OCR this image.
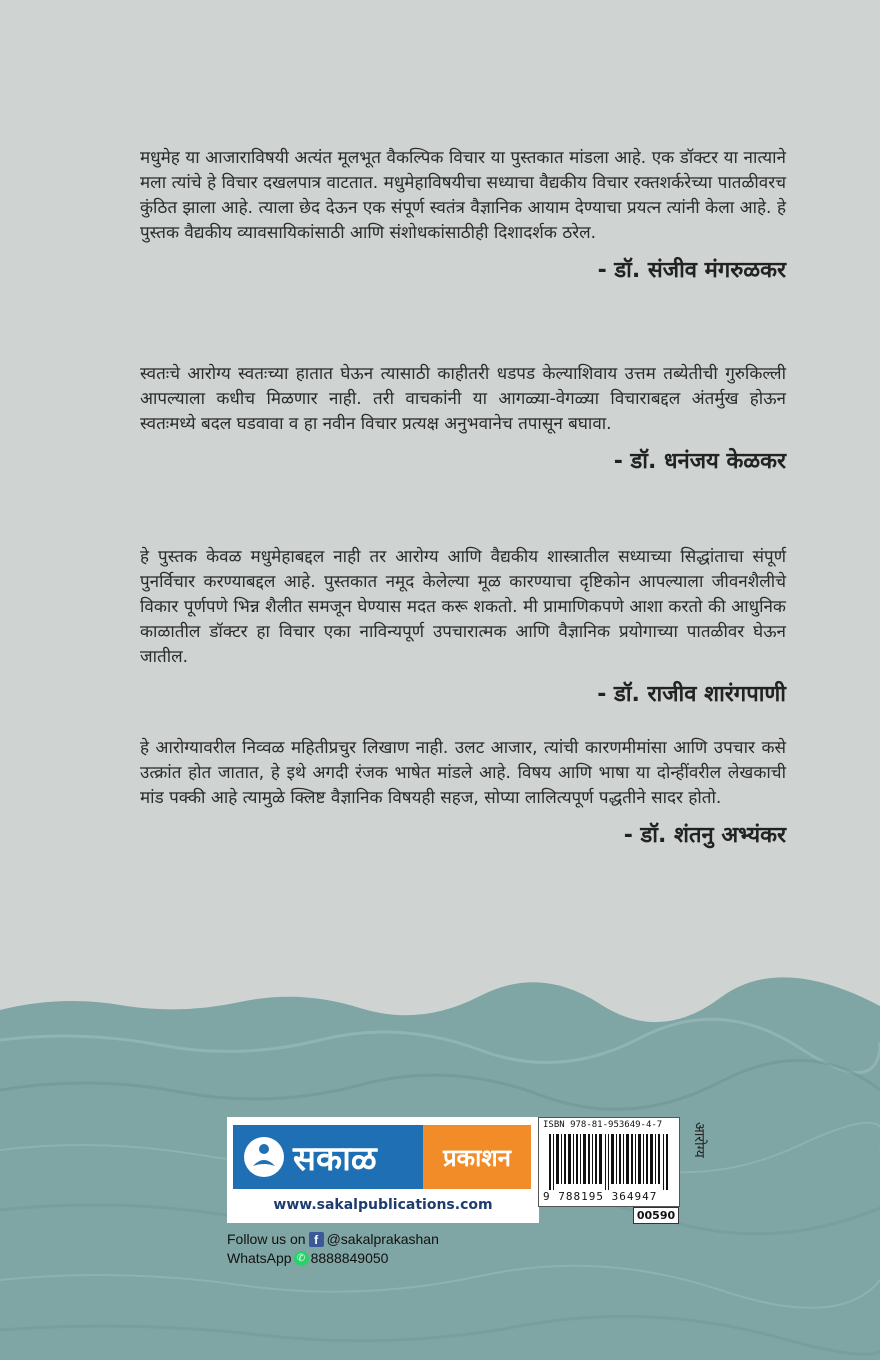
मधुमेह या आजाराविषयी अत्यंत मूलभूत वैकल्पिक विचार या पुस्तकात मांडला आहे. एक डॉक्टर या नात्याने मला त्यांचे हे विचार दखलपात्र वाटतात. मधुमेहाविषयीचा सध्याचा वैद्यकीय विचार रक्तशर्करेच्या पातळीवरच कुंठित झाला आहे. त्याला छेद देऊन एक संपूर्ण स्वतंत्र वैज्ञानिक आयाम देण्याचा प्रयत्न त्यांनी केला आहे. हे पुस्तक वैद्यकीय व्यावसायिकांसाठी आणि संशोधकांसाठीही दिशादर्शक ठरेल.

- डॉ. संजीव मंगरुळकर

स्वतःचे आरोग्य स्वतःच्या हातात घेऊन त्यासाठी काहीतरी धडपड केल्याशिवाय उत्तम तब्येतीची गुरुकिल्ली आपल्याला कधीच मिळणार नाही. तरी वाचकांनी या आगळ्या-वेगळ्या विचाराबद्दल अंतर्मुख होऊन स्वतःमध्ये बदल घडवावा व हा नवीन विचार प्रत्यक्ष अनुभवानेच तपासून बघावा.

- डॉ. धनंजय केळकर

हे पुस्तक केवळ मधुमेहाबद्दल नाही तर आरोग्य आणि वैद्यकीय शास्त्रातील सध्याच्या सिद्धांताचा संपूर्ण पुनर्विचार करण्याबद्दल आहे. पुस्तकात नमूद केलेल्या मूळ कारण्याचा दृष्टिकोन आपल्याला जीवनशैलीचे विकार पूर्णपणे भिन्न शैलीत समजून घेण्यास मदत करू शकतो. मी प्रामाणिकपणे आशा करतो की आधुनिक काळातील डॉक्टर हा विचार एका नाविन्यपूर्ण उपचारात्मक आणि वैज्ञानिक प्रयोगाच्या पातळीवर घेऊन जातील.

- डॉ. राजीव शारंगपाणी

हे आरोग्यावरील निव्वळ महितीप्रचुर लिखाण नाही. उलट आजार, त्यांची कारणमीमांसा आणि उपचार कसे उत्क्रांत होत जातात, हे इथे अगदी रंजक भाषेत मांडले आहे. विषय आणि भाषा या दोन्हींवरील लेखकाची मांड पक्की आहे त्यामुळे क्लिष्ट वैज्ञानिक विषयही सहज, सोप्या लालित्यपूर्ण पद्धतीने सादर होतो.

- डॉ. शंतनु अभ्यंकर
सकाळ	प्रकाशन
www.sakalpublications.com
ISBN 978-81-953649-4-7
9 788195 364947
00590
आरोग्य
Follow us on f @sakalprakashan
WhatsApp ✆ 8888849050
